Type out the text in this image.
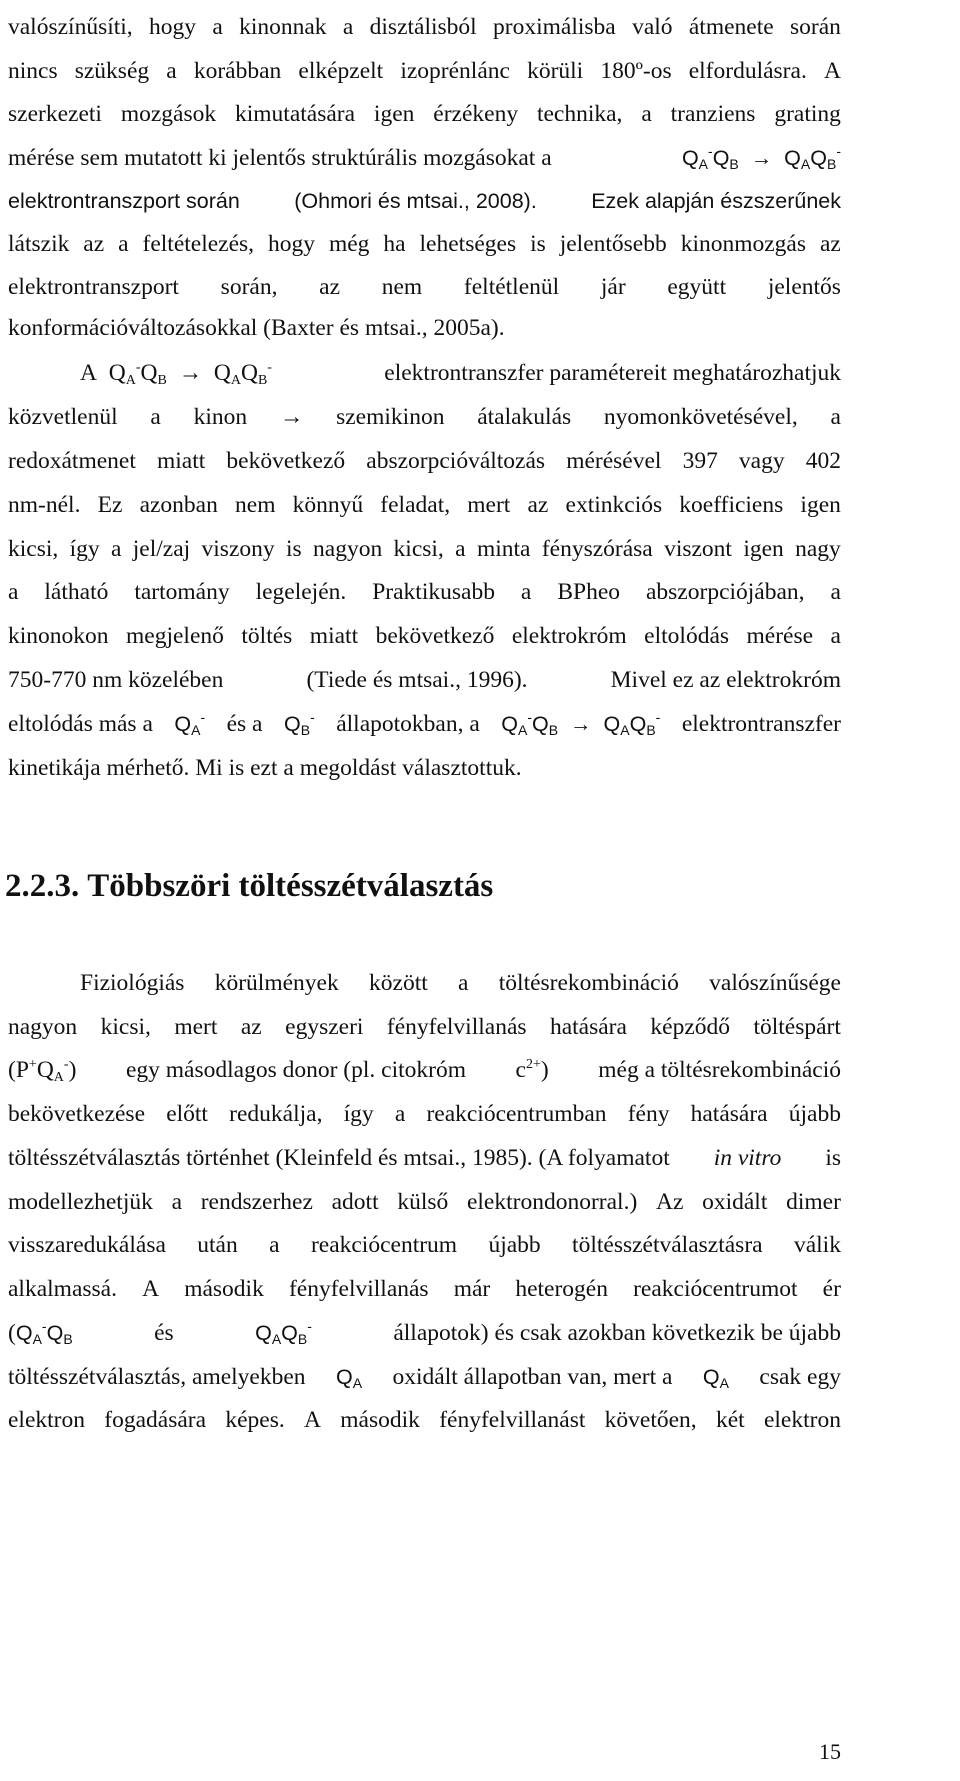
valószínűsíti, hogy a kinonnak a disztálisból proximálisba való átmenete során
nincs szükség a korábban elképzelt izoprénlánc körüli 180º-os elfordulásra. A
szerkezeti mozgások kimutatására igen érzékeny technika, a tranziens grating
mérése sem mutatott ki jelentős struktúrális mozgásokat a	$Q_A^-Q_B \to Q_AQ_B^-$
elektrontranszport során	(Ohmori és mtsai., 2008).	Ezek alapján észszerűnek
látszik az a feltételezés, hogy még ha lehetséges is jelentősebb kinonmozgás az
elektrontranszport során, az nem feltétlenül jár együtt jelentős
konformációváltozásokkal (Baxter és mtsai., 2005a).
A $Q_A^-Q_B \to Q_AQ_B^-$	elektrontranszfer paramétereit meghatározhatjuk
közvetlenül a kinon → szemikinon átalakulás nyomonkövetésével, a
redoxátmenet miatt bekövetkező abszorpcióváltozás mérésével 397 vagy 402
nm-nél. Ez azonban nem könnyű feladat, mert az extinkciós koefficiens igen
kicsi, így a jel/zaj viszony is nagyon kicsi, a minta fényszórása viszont igen nagy
a látható tartomány legelején. Praktikusabb a BPheo abszorpciójában, a
kinonokon megjelenő töltés miatt bekövetkező elektrokróm eltolódás mérése a
750-770 nm közelében	(Tiede és mtsai., 1996).	Mivel ez az elektrokróm
eltolódás más a $Q_A^-$ és a $Q_B^-$ állapotokban, a $Q_A^-Q_B \to Q_AQ_B^-$ elektrontranszfer
kinetikája mérhető. Mi is ezt a megoldást választottuk.
2.2.3. Többszöri töltésszétválasztás
Fiziológiás körülmények között a töltésrekombináció valószínűsége
nagyon kicsi, mert az egyszeri fényfelvillanás hatására képződő töltéspárt
$(P^+Q_A^-)$ egy másodlagos donor (pl. citokróm $c^{2+}$) még a töltésrekombináció
bekövetkezése előtt redukálja, így a reakciócentrumban fény hatására újabb
töltésszétválasztás történhet (Kleinfeld és mtsai., 1985). (A folyamatot in vitro is
modellezhetjük a rendszerhez adott külső elektrondonorral.) Az oxidált dimer
visszaredukálása után a reakciócentrum újabb töltésszétválasztásra válik
alkalmassá. A második fényfelvillanás már heterogén reakciócentrumot ér
($Q_A^-Q_B$	és	$Q_AQ_B^-$	állapotok) és csak azokban következik be újabb
töltésszétválasztás, amelyekben $Q_A$ oxidált állapotban van, mert a $Q_A$ csak egy
elektron fogadására képes. A második fényfelvillanást követően, két elektron
15
